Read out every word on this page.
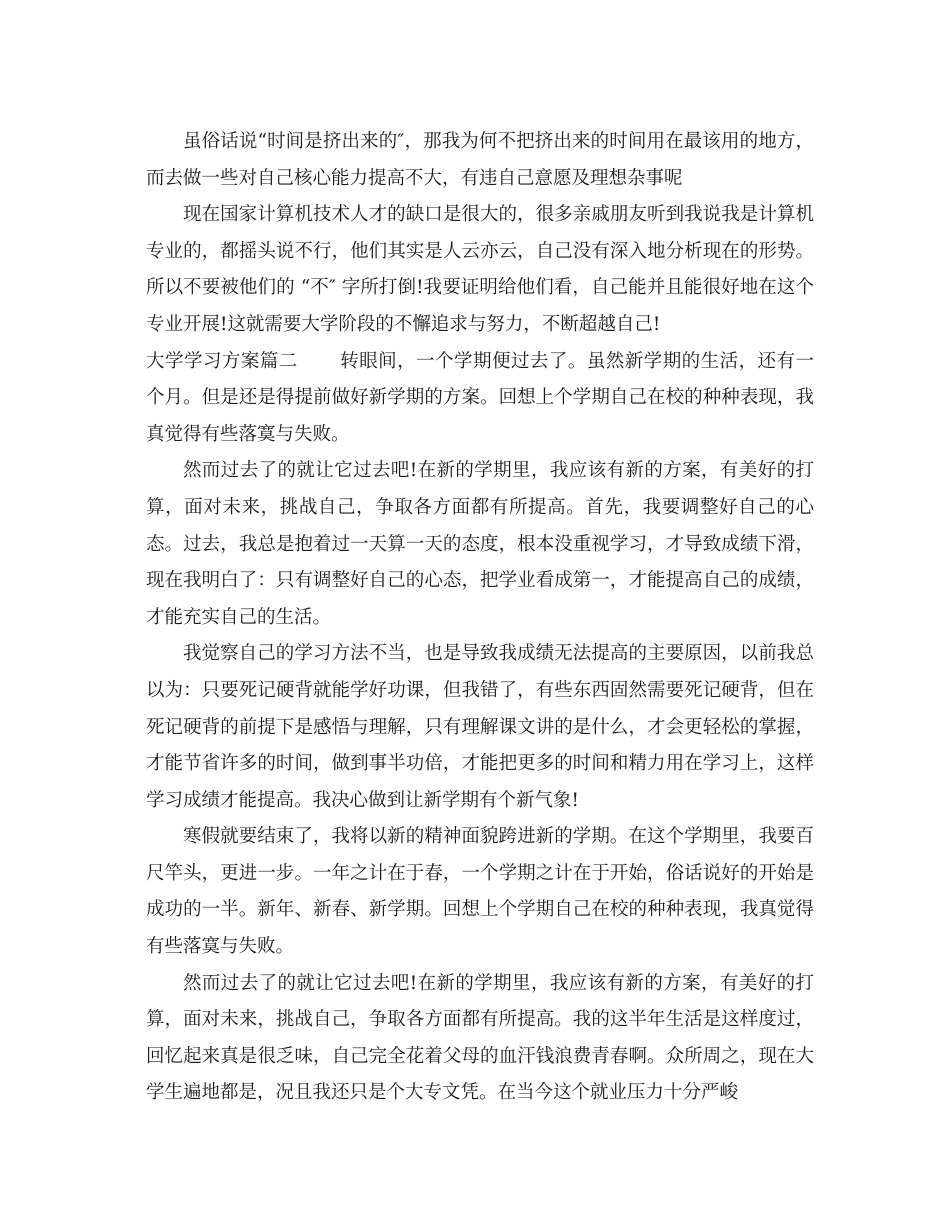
虽俗话说“时间是挤出来的″，那我为何不把挤出来的时间用在最该用的地方，而去做一些对自己核心能力提高不大，有违自己意愿及理想杂事呢

现在国家计算机技术人才的缺口是很大的，很多亲戚朋友听到我说我是计算机专业的，都摇头说不行，他们其实是人云亦云，自己没有深入地分析现在的形势。所以不要被他们的 “不″ 字所打倒!我要证明给他们看，自己能并且能很好地在这个专业开展!这就需要大学阶段的不懈追求与努力，不断超越自己!

大学学习方案篇二 转眼间，一个学期便过去了。虽然新学期的生活，还有一个月。但是还是得提前做好新学期的方案。回想上个学期自己在校的种种表现，我真觉得有些落寞与失败。

然而过去了的就让它过去吧!在新的学期里，我应该有新的方案，有美好的打算，面对未来，挑战自己，争取各方面都有所提高。首先，我要调整好自己的心态。过去，我总是抱着过一天算一天的态度，根本没重视学习，才导致成绩下滑，现在我明白了：只有调整好自己的心态，把学业看成第一，才能提高自己的成绩，才能充实自己的生活。

我觉察自己的学习方法不当，也是导致我成绩无法提高的主要原因，以前我总以为：只要死记硬背就能学好功课，但我错了，有些东西固然需要死记硬背，但在死记硬背的前提下是感悟与理解，只有理解课文讲的是什么，才会更轻松的掌握，才能节省许多的时间，做到事半功倍，才能把更多的时间和精力用在学习上，这样学习成绩才能提高。我决心做到让新学期有个新气象!

寒假就要结束了，我将以新的精神面貌跨进新的学期。在这个学期里，我要百尺竿头，更进一步。一年之计在于春，一个学期之计在于开始，俗话说好的开始是成功的一半。新年、新春、新学期。回想上个学期自己在校的种种表现，我真觉得有些落寞与失败。

然而过去了的就让它过去吧!在新的学期里，我应该有新的方案，有美好的打算，面对未来，挑战自己，争取各方面都有所提高。我的这半年生活是这样度过，回忆起来真是很乏味，自己完全花着父母的血汗钱浪费青春啊。众所周之，现在大学生遍地都是，况且我还只是个大专文凭。在当今这个就业压力十分严峻
